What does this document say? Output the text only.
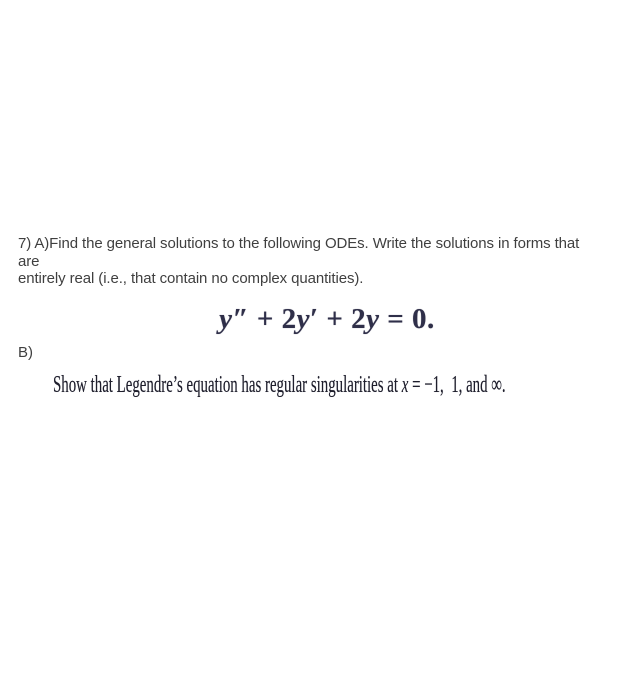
7) A)Find the general solutions to the following ODEs. Write the solutions in forms that
are
entirely real (i.e., that contain no complex quantities).
y″ + 2y′ + 2y = 0.
B)
Show that Legendre’s equation has regular singularities at x = −1,  1, and ∞.
